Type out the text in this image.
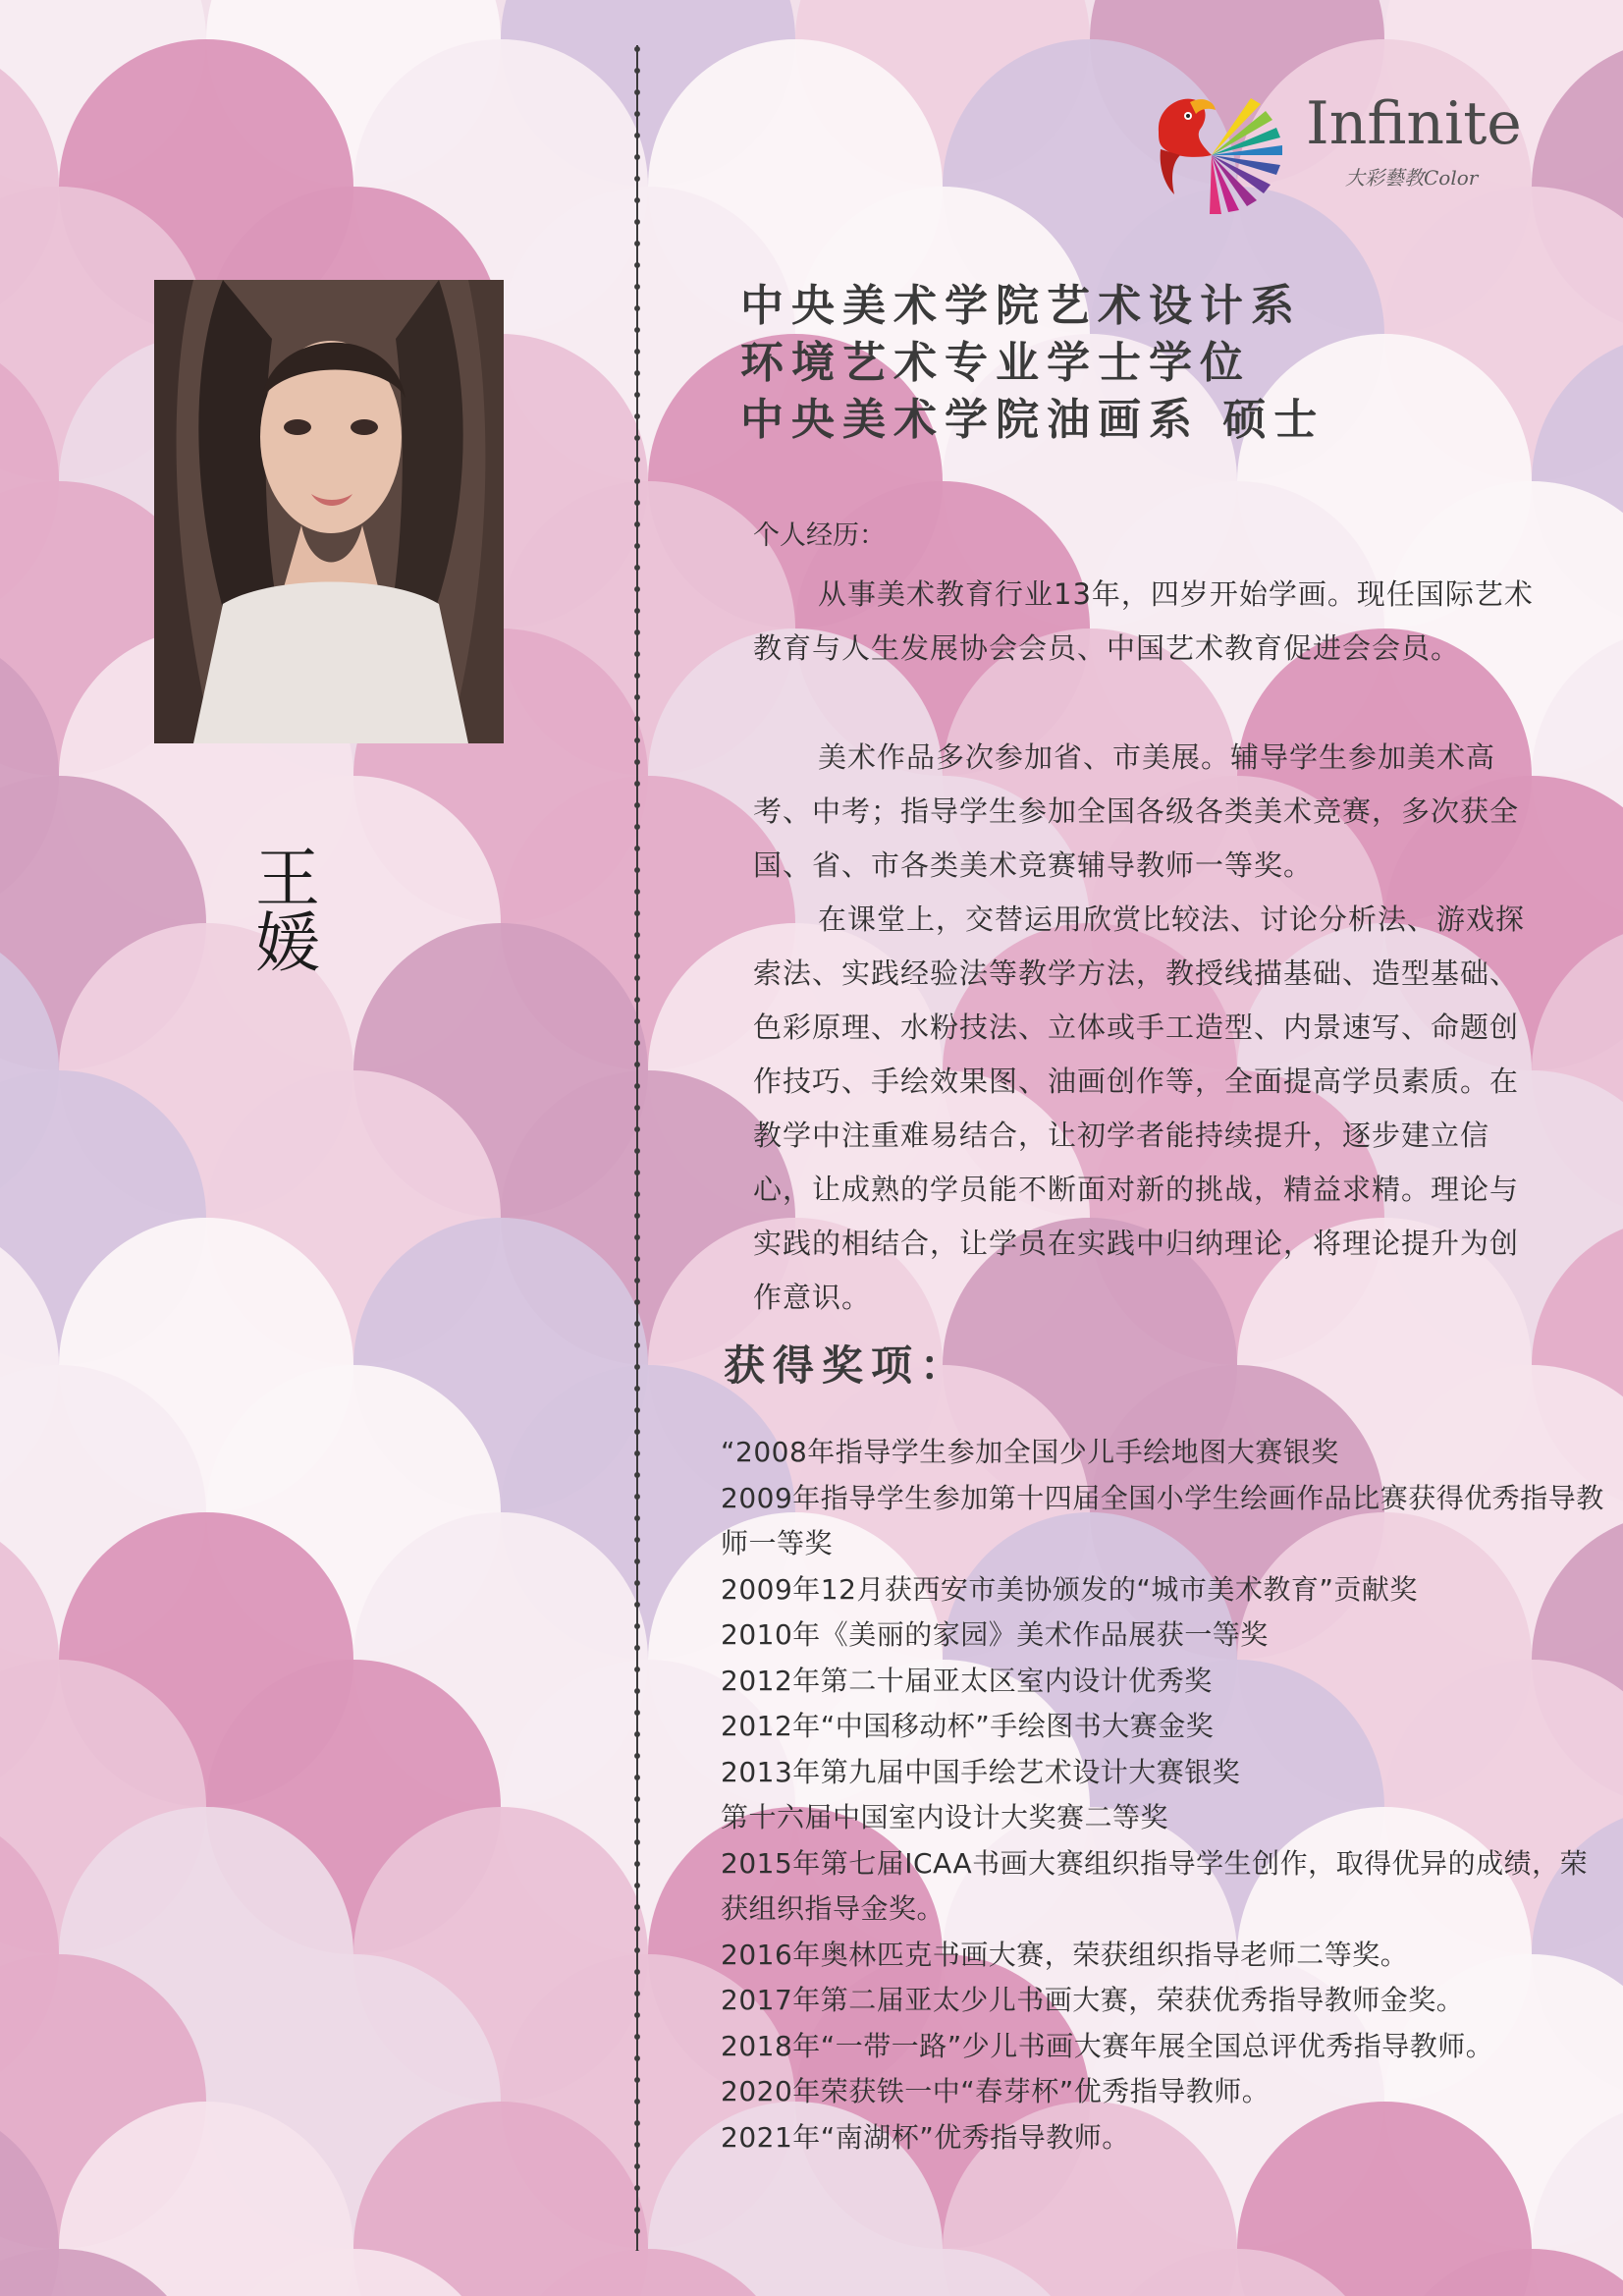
Infinite
大彩藝教Color
王 媛
中央美术学院艺术设计系
环境艺术专业学士学位
中央美术学院油画系 硕士
个人经历：

从事美术教育行业13年，四岁开始学画。现任国际艺术教育与人生发展协会会员、中国艺术教育促进会会员。

美术作品多次参加省、市美展。辅导学生参加美术高考、中考；指导学生参加全国各级各类美术竞赛，多次获全国、省、市各类美术竞赛辅导教师一等奖。

在课堂上，交替运用欣赏比较法、讨论分析法、游戏探索法、实践经验法等教学方法，教授线描基础、造型基础、色彩原理、水粉技法、立体或手工造型、内景速写、命题创作技巧、手绘效果图、油画创作等，全面提高学员素质。在教学中注重难易结合，让初学者能持续提升，逐步建立信心，让成熟的学员能不断面对新的挑战，精益求精。理论与实践的相结合，让学员在实践中归纳理论，将理论提升为创作意识。

获得奖项：
“2008年指导学生参加全国少儿手绘地图大赛银奖
2009年指导学生参加第十四届全国小学生绘画作品比赛获得优秀指导教师一等奖
2009年12月获西安市美协颁发的“城市美术教育”贡献奖
2010年《美丽的家园》美术作品展获一等奖
2012年第二十届亚太区室内设计优秀奖
2012年“中国移动杯”手绘图书大赛金奖
2013年第九届中国手绘艺术设计大赛银奖
第十六届中国室内设计大奖赛二等奖
2015年第七届ICAA书画大赛组织指导学生创作，取得优异的成绩，荣获组织指导金奖。
2016年奥林匹克书画大赛，荣获组织指导老师二等奖。
2017年第二届亚太少儿书画大赛，荣获优秀指导教师金奖。
2018年“一带一路”少儿书画大赛年展全国总评优秀指导教师。
2020年荣获铁一中“春芽杯”优秀指导教师。
2021年“南湖杯”优秀指导教师。
